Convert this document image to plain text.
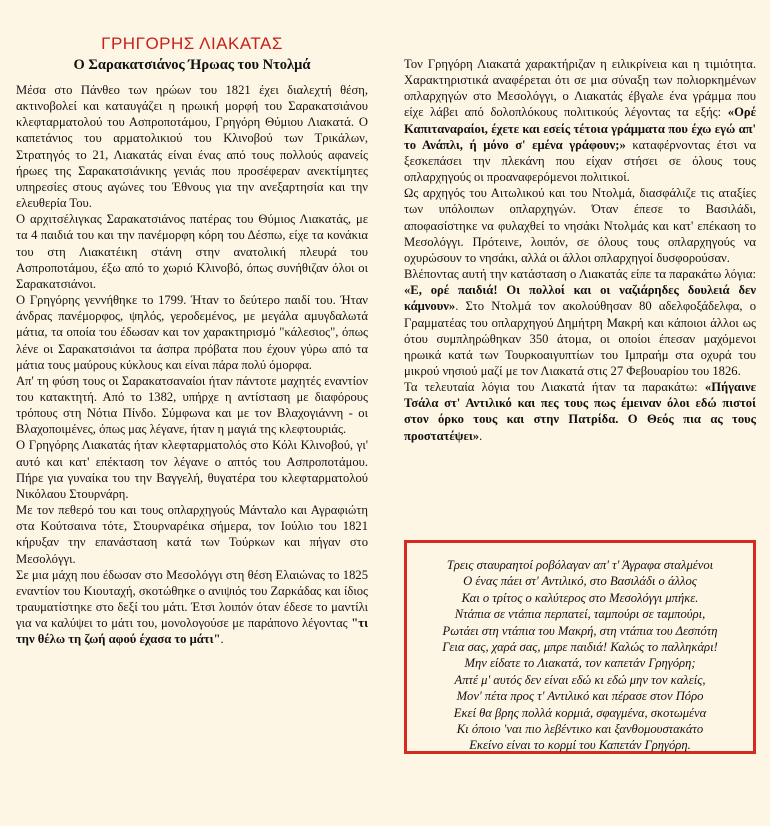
ΓΡΗΓΟΡΗΣ ΛΙΑΚΑΤΑΣ
Ο Σαρακατσιάνος Ήρωας του Ντολμά

Μέσα στο Πάνθεο των ηρώων του 1821 έχει διαλεχτή θέση, ακτινοβολεί και καταυγάζει η ηρωική μορφή του Σαρακατσιάνου κλεφταρματολού του Ασπροποτάμου, Γρηγόρη Θύμιου Λιακατά. Ο καπετάνιος του αρματολικιού του Κλινοβού των Τρικάλων, Στρατηγός το 21, Λιακατάς είναι ένας από τους πολλούς αφανείς ήρωες της Σαρακατσιάνικης γενιάς που προσέφεραν ανεκτίμητες υπηρεσίες στους αγώνες του Έθνους για την ανεξαρτησία και την ελευθερία Του.

Ο αρχιτσέλιγκας Σαρακατσιάνος πατέρας του Θύμιος Λιακατάς, με τα 4 παιδιά του και την πανέμορφη κόρη του Δέσπω, είχε τα κονάκια του στη Λιακατέικη στάνη στην ανατολική πλευρά του Ασπροποτάμου, έξω από το χωριό Κλινοβό, όπως συνήθιζαν όλοι οι Σαρακατσιάνοι.

Ο Γρηγόρης γεννήθηκε το 1799. Ήταν το δεύτερο παιδί του. Ήταν άνδρας πανέμορφος, ψηλός, γεροδεμένος, με μεγάλα αμυγδαλωτά μάτια, τα οποία του έδωσαν και τον χαρακτηρισμό "κάλεσιος", όπως λένε οι Σαρακατσιάνοι τα άσπρα πρόβατα που έχουν γύρω από τα μάτια τους μαύρους κύκλους και είναι πάρα πολύ όμορφα.

Απ' τη φύση τους οι Σαρακατσαναίοι ήταν πάντοτε μαχητές εναντίον του κατακτητή. Από το 1382, υπήρχε η αντίσταση με διαφόρους τρόπους στη Νότια Πίνδο. Σύμφωνα και με τον Βλαχογιάννη - οι Βλαχοποιμένες, όπως μας λέγανε, ήταν η μαγιά της κλεφτουριάς.

Ο Γρηγόρης Λιακατάς ήταν κλεφταρματολός στο Κόλι Κλινοβού, γι' αυτό και κατ' επέκταση τον λέγανε ο απτός του Ασπροποτάμου. Πήρε για γυναίκα του την Βαγγελή, θυγατέρα του κλεφταρματολού Νικόλαου Στουρνάρη.

Με τον πεθερό του και τους οπλαρχηγούς Μάνταλο και Αγραφιώτη στα Κούτσαινα τότε, Στουρναρέικα σήμερα, τον Ιούλιο του 1821 κήρυξαν την επανάσταση κατά των Τούρκων και πήγαν στο Μεσολόγγι.

Σε μια μάχη που έδωσαν στο Μεσολόγγι στη θέση Ελαιώνας το 1825 εναντίον του Κιουταχή, σκοτώθηκε ο ανιψιός του Ζαρκάδας και ίδιος τραυματίστηκε στο δεξί του μάτι. Έτσι λοιπόν όταν έδεσε το μαντίλι για να καλύψει το μάτι του, μονολογούσε με παράπονο λέγοντας "τι την θέλω τη ζωή αφού έχασα το μάτι".

Τον Γρηγόρη Λιακατά χαρακτήριζαν η ειλικρίνεια και η τιμιότητα. Χαρακτηριστικά αναφέρεται ότι σε μια σύναξη των πολιορκημένων οπλαρχηγών στο Μεσολόγγι, ο Λιακατάς έβγαλε ένα γράμμα που είχε λάβει από δολοπλόκους πολιτικούς λέγοντας τα εξής: «Ορέ Καπιταναραίοι, έχετε και εσείς τέτοια γράμματα που έχω εγώ απ' το Ανάπλι, ή μόνο σ' εμένα γράφουν;» καταφέρνοντας έτσι να ξεσκεπάσει την πλεκάνη που είχαν στήσει σε όλους τους οπλαρχηγούς οι προαναφερόμενοι πολιτικοί.

Ως αρχηγός του Αιτωλικού και του Ντολμά, διασφάλιζε τις αταξίες των υπόλοιπων οπλαρχηγών. Όταν έπεσε το Βασιλάδι, αποφασίστηκε να φυλαχθεί το νησάκι Ντολμάς και κατ' επέκαση το Μεσολόγγι. Πρότεινε, λοιπόν, σε όλους τους οπλαρχηγούς να οχυρώσουν το νησάκι, αλλά οι άλλοι οπλαρχηγοί δυσφορούσαν.

Βλέποντας αυτή την κατάσταση ο Λιακατάς είπε τα παρακάτω λόγια: «Ε, ορέ παιδιά! Οι πολλοί και οι ναζιάρηδες δουλειά δεν κάμνουν». Στο Ντολμά τον ακολούθησαν 80 αδελφοξάδελφα, ο Γραμματέας του οπλαρχηγού Δημήτρη Μακρή και κάποιοι άλλοι ως ότου συμπληρώθηκαν 350 άτομα, οι οποίοι έπεσαν μαχόμενοι ηρωικά κατά των Τουρκοαιγυπτίων του Ιμπραήμ στα οχυρά του μικρού νησιού μαζί με τον Λιακατά στις 27 Φεβουαρίου του 1826.

Τα τελευταία λόγια του Λιακατά ήταν τα παρακάτω: «Πήγαινε Τσάλα στ' Αντιλικό και πες τους πως έμειναν όλοι εδώ πιστοί στον όρκο τους και στην Πατρίδα. Ο Θεός πια ας τους προστατέψει».

Τρεις σταυραητοί ροβόλαγαν απ' τ' Άγραφα σταλμένοι
Ο ένας πάει στ' Αντιλικό, στο Βασιλάδι ο άλλος
Και ο τρίτος ο καλύτερος στο Μεσολόγγι μπήκε.
Ντάπια σε ντάπια περπατεί, ταμπούρι σε ταμπούρι,
Ρωτάει στη ντάπια του Μακρή, στη ντάπια του Δεσπότη
Γεια σας, χαρά σας, μπρε παιδιά! Καλώς το παλληκάρι!
Μην είδατε το Λιακατά, τον καπετάν Γρηγόρη;
Απτέ μ' αυτός δεν είναι εδώ κι εδώ μην τον καλείς,
Μον' πέτα προς τ' Αντιλικό και πέρασε στον Πόρο
Εκεί θα βρης πολλά κορμιά, σφαγμένα, σκοτωμένα
Κι όποιο 'ναι πιο λεβέντικο και ξανθομουστακάτο
Εκείνο είναι το κορμί του Καπετάν Γρηγόρη.
